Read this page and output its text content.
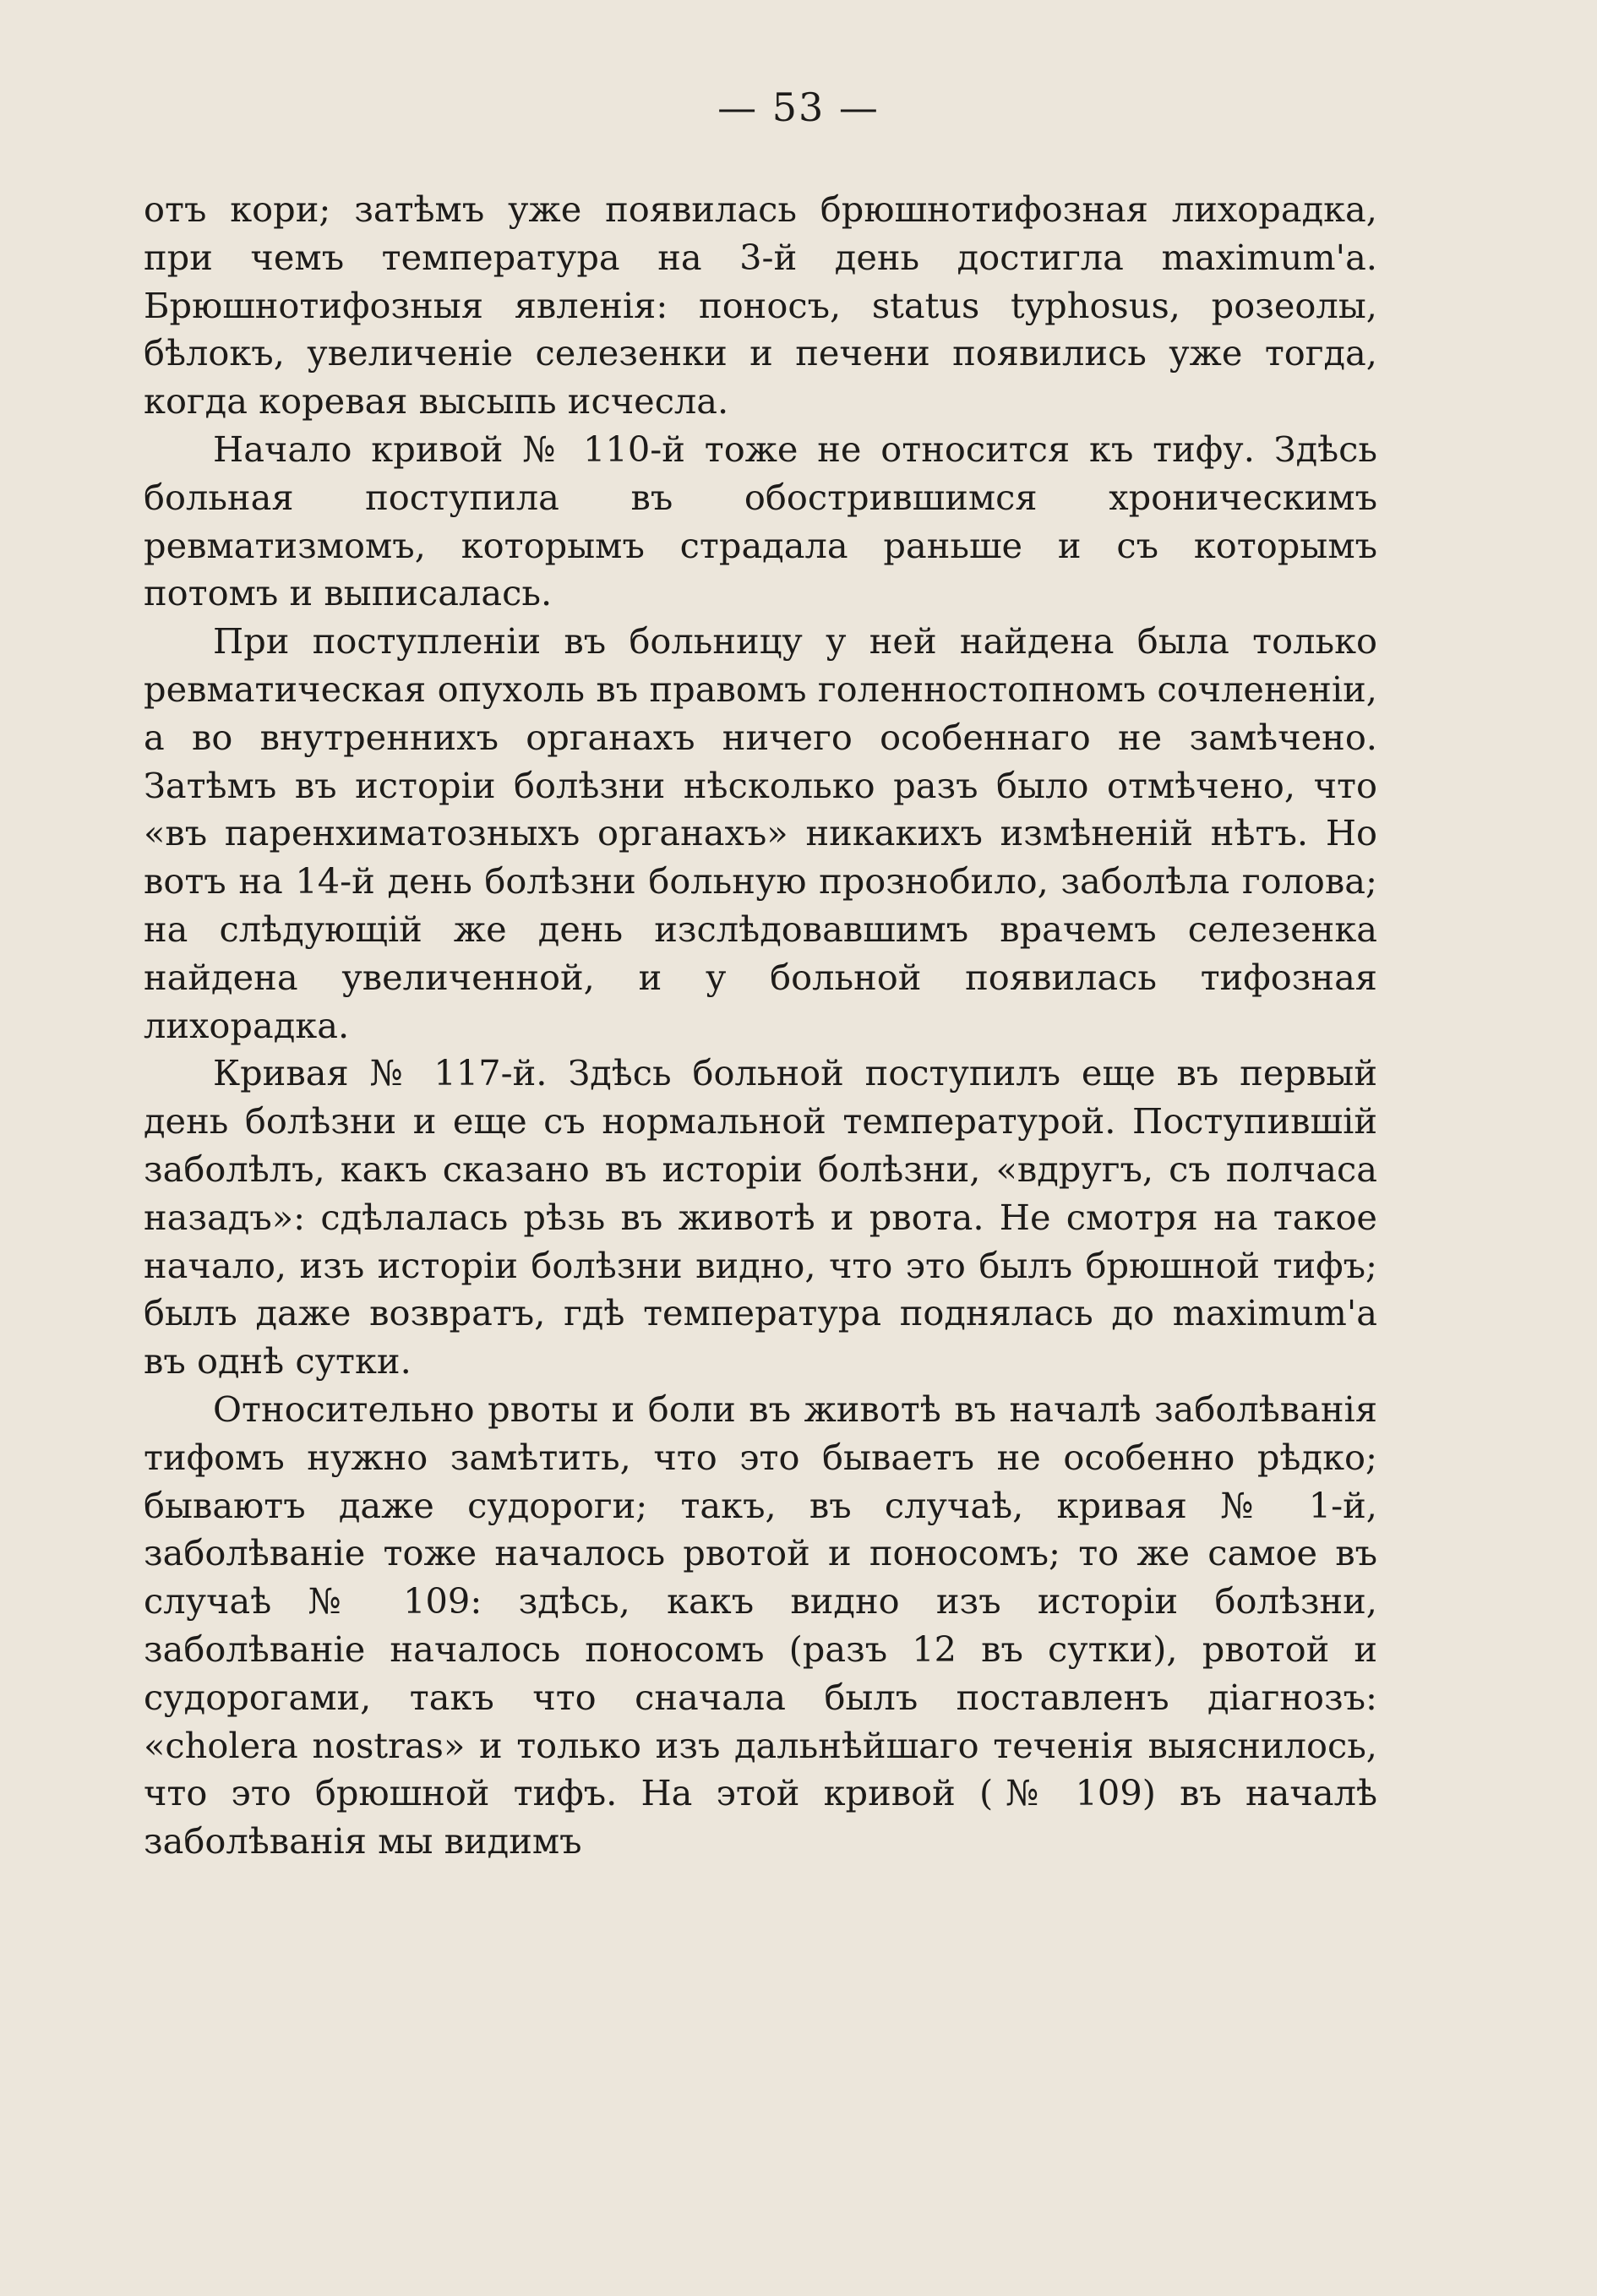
— 53 —

отъ кори; затѣмъ уже появилась брюшнотифозная лихорадка, при чемъ температура на 3-й день достигла maximum'а. Брюшнотифозныя явленія: поносъ, status typhosus, розеолы, бѣлокъ, увеличеніе селезенки и печени появились уже тогда, когда коревая высыпь исчесла.

Начало кривой № 110-й тоже не относится къ тифу. Здѣсь больная поступила въ обострившимся хроническимъ ревматизмомъ, которымъ страдала раньше и съ которымъ потомъ и выписалась.

При поступленіи въ больницу у ней найдена была только ревматическая опухоль въ правомъ голенностопномъ сочлененіи, а во внутреннихъ органахъ ничего особеннаго не замѣчено. Затѣмъ въ исторіи болѣзни нѣсколько разъ было отмѣчено, что «въ паренхиматозныхъ органахъ» никакихъ измѣненій нѣтъ. Но вотъ на 14-й день болѣзни больную прознобило, заболѣла голова; на слѣдующій же день изслѣдовавшимъ врачемъ селезенка найдена увеличенной, и у больной появилась тифозная лихорадка.

Кривая № 117-й. Здѣсь больной поступилъ еще въ первый день болѣзни и еще съ нормальной температурой. Поступившій заболѣлъ, какъ сказано въ исторіи болѣзни, «вдругъ, съ полчаса назадъ»: сдѣлалась рѣзь въ животѣ и рвота. Не смотря на такое начало, изъ исторіи болѣзни видно, что это былъ брюшной тифъ; былъ даже возвратъ, гдѣ температура поднялась до maximum'а въ однѣ сутки.

Относительно рвоты и боли въ животѣ въ началѣ заболѣванія тифомъ нужно замѣтить, что это бываетъ не особенно рѣдко; бываютъ даже судороги; такъ, въ случаѣ, кривая № 1-й, заболѣваніе тоже началось рвотой и поносомъ; то же самое въ случаѣ № 109: здѣсь, какъ видно изъ исторіи болѣзни, заболѣваніе началось поносомъ (разъ 12 въ сутки), рвотой и судорогами, такъ что сначала былъ поставленъ діагнозъ: «cholera nostras» и только изъ дальнѣйшаго теченія выяснилось, что это брюшной тифъ. На этой кривой (№ 109) въ началѣ заболѣванія мы видимъ
